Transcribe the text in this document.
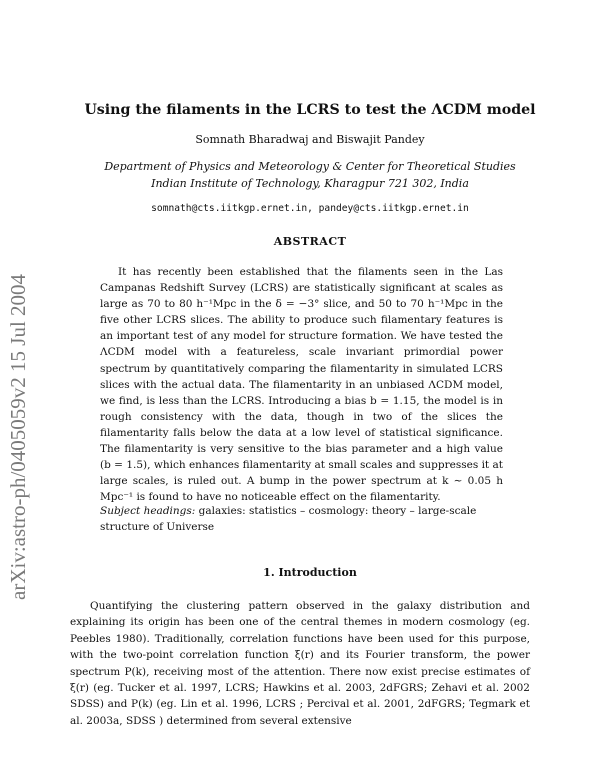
arXiv:astro-ph/0405059v2 15 Jul 2004
Using the filaments in the LCRS to test the ΛCDM model
Somnath Bharadwaj and Biswajit Pandey
Department of Physics and Meteorology & Center for Theoretical Studies
Indian Institute of Technology, Kharagpur 721 302, India
somnath@cts.iitkgp.ernet.in, pandey@cts.iitkgp.ernet.in
ABSTRACT
It has recently been established that the filaments seen in the Las Campanas Redshift Survey (LCRS) are statistically significant at scales as large as 70 to 80 h⁻¹Mpc in the δ = −3° slice, and 50 to 70 h⁻¹Mpc in the five other LCRS slices. The ability to produce such filamentary features is an important test of any model for structure formation. We have tested the ΛCDM model with a featureless, scale invariant primordial power spectrum by quantitatively comparing the filamentarity in simulated LCRS slices with the actual data. The filamentarity in an unbiased ΛCDM model, we find, is less than the LCRS. Introducing a bias b = 1.15, the model is in rough consistency with the data, though in two of the slices the filamentarity falls below the data at a low level of statistical significance. The filamentarity is very sensitive to the bias parameter and a high value (b = 1.5), which enhances filamentarity at small scales and suppresses it at large scales, is ruled out. A bump in the power spectrum at k ∼ 0.05 h Mpc⁻¹ is found to have no noticeable effect on the filamentarity.
Subject headings: galaxies: statistics – cosmology: theory – large-scale structure of Universe
1. Introduction
Quantifying the clustering pattern observed in the galaxy distribution and explaining its origin has been one of the central themes in modern cosmology (eg. Peebles 1980). Traditionally, correlation functions have been used for this purpose, with the two-point correlation function ξ(r) and its Fourier transform, the power spectrum P(k), receiving most of the attention. There now exist precise estimates of ξ(r) (eg. Tucker et al. 1997, LCRS; Hawkins et al. 2003, 2dFGRS; Zehavi et al. 2002 SDSS) and P(k) (eg. Lin et al. 1996, LCRS ; Percival et al. 2001, 2dFGRS; Tegmark et al. 2003a, SDSS ) determined from several extensive
